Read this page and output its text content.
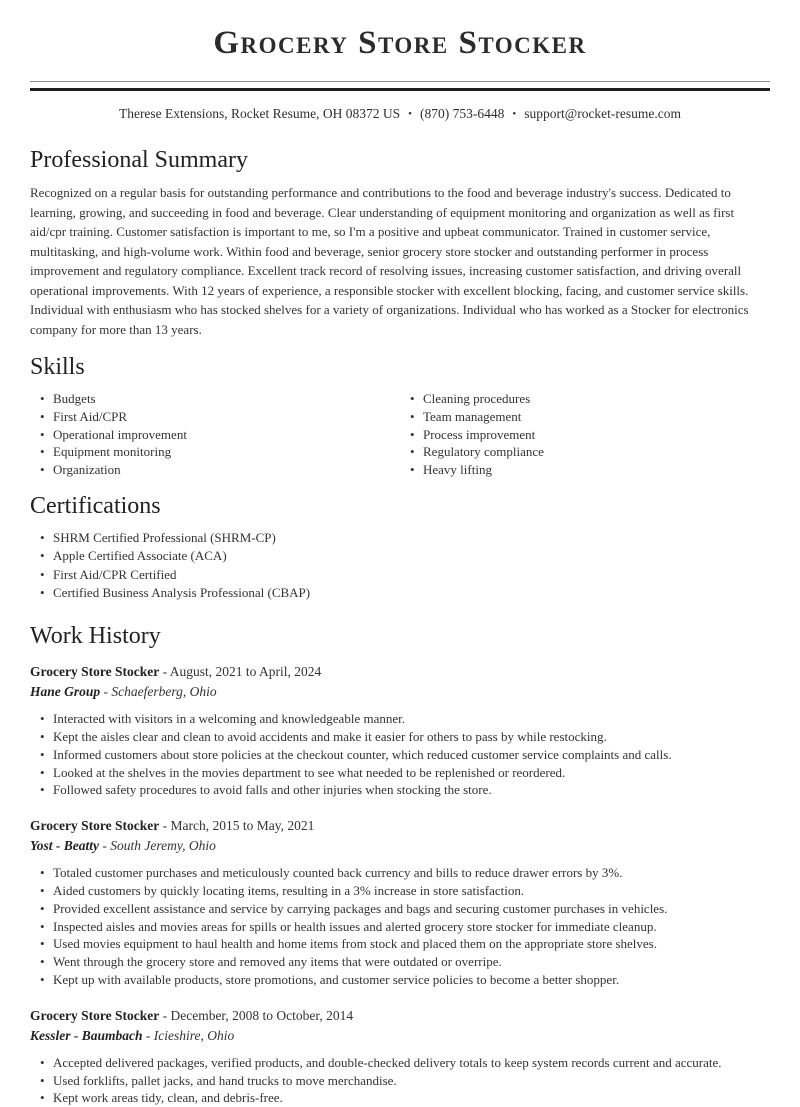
Grocery Store Stocker
Therese Extensions, Rocket Resume, OH 08372 US • (870) 753-6448 • support@rocket-resume.com
Professional Summary

Recognized on a regular basis for outstanding performance and contributions to the food and beverage industry's success. Dedicated to learning, growing, and succeeding in food and beverage. Clear understanding of equipment monitoring and organization as well as first aid/cpr training. Customer satisfaction is important to me, so I'm a positive and upbeat communicator. Trained in customer service, multitasking, and high-volume work. Within food and beverage, senior grocery store stocker and outstanding performer in process improvement and regulatory compliance. Excellent track record of resolving issues, increasing customer satisfaction, and driving overall operational improvements. With 12 years of experience, a responsible stocker with excellent blocking, facing, and customer service skills. Individual with enthusiasm who has stocked shelves for a variety of organizations. Individual who has worked as a Stocker for electronics company for more than 13 years.

Skills
• Budgets
• First Aid/CPR
• Operational improvement
• Equipment monitoring
• Organization
• Cleaning procedures
• Team management
• Process improvement
• Regulatory compliance
• Heavy lifting
Certifications
• SHRM Certified Professional (SHRM-CP)
• Apple Certified Associate (ACA)
• First Aid/CPR Certified
• Certified Business Analysis Professional (CBAP)
Work History
Grocery Store Stocker - August, 2021 to April, 2024
Hane Group - Schaeferberg, Ohio
• Interacted with visitors in a welcoming and knowledgeable manner.
• Kept the aisles clear and clean to avoid accidents and make it easier for others to pass by while restocking.
• Informed customers about store policies at the checkout counter, which reduced customer service complaints and calls.
• Looked at the shelves in the movies department to see what needed to be replenished or reordered.
• Followed safety procedures to avoid falls and other injuries when stocking the store.
Grocery Store Stocker - March, 2015 to May, 2021
Yost - Beatty - South Jeremy, Ohio
• Totaled customer purchases and meticulously counted back currency and bills to reduce drawer errors by 3%.
• Aided customers by quickly locating items, resulting in a 3% increase in store satisfaction.
• Provided excellent assistance and service by carrying packages and bags and securing customer purchases in vehicles.
• Inspected aisles and movies areas for spills or health issues and alerted grocery store stocker for immediate cleanup.
• Used movies equipment to haul health and home items from stock and placed them on the appropriate store shelves.
• Went through the grocery store and removed any items that were outdated or overripe.
• Kept up with available products, store promotions, and customer service policies to become a better shopper.
Grocery Store Stocker - December, 2008 to October, 2014
Kessler - Baumbach - Icieshire, Ohio
• Accepted delivered packages, verified products, and double-checked delivery totals to keep system records current and accurate.
• Used forklifts, pallet jacks, and hand trucks to move merchandise.
• Kept work areas tidy, clean, and debris-free.
